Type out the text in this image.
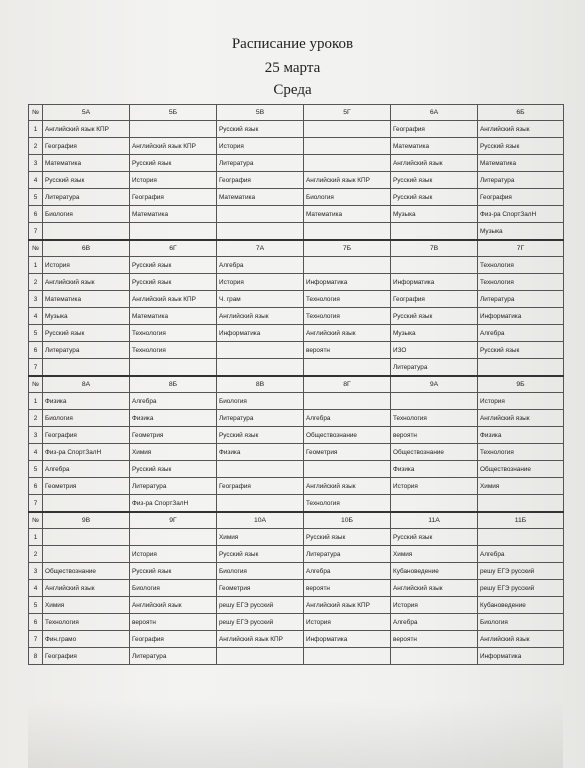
Расписание уроков
25 марта
Среда
№	5А	5Б	5В	5Г	6А	6Б
1	Английский язык КПР		Русский язык		География	Английский язык
2	География	Английский язык КПР	История		Математика	Русский язык
3	Математика	Русский язык	Литература		Английский язык	Математика
4	Русский язык	История	География	Английский язык КПР	Русский язык	Литература
5	Литература	География	Математика	Биология	Русский язык	География
6	Биология	Математика		Математика	Музыка	Физ-ра СпортЗалН
7						Музыка
№	6В	6Г	7А	7Б	7В	7Г
1	История	Русский язык	Алгебра			Технология
2	Английский язык	Русский язык	История	Информатика	Информатика	Технология
3	Математика	Английский язык КПР	Ч. грам	Технология	География	Литература
4	Музыка	Математика	Английский язык	Технология	Русский язык	Информатика
5	Русский язык	Технология	Информатика	Английский язык	Музыка	Алгебра
6	Литература	Технология		вероятн	ИЗО	Русский язык
7					Литература	
№	8А	8Б	8В	8Г	9А	9Б
1	Физика	Алгебра	Биология			История
2	Биология	Физика	Литература	Алгебра	Технология	Английский язык
3	География	Геометрия	Русский язык	Обществознание	вероятн	Физика
4	Физ-ра СпортЗалН	Химия	Физика	Геометрия	Обществознание	Технология
5	Алгебра	Русский язык			Физика	Обществознание
6	Геометрия	Литература	География	Английский язык	История	Химия
7		Физ-ра СпортЗалН		Технология		
№	9В	9Г	10А	10Б	11А	11Б
1			Химия	Русский язык	Русский язык	
2		История	Русский язык	Литература	Химия	Алгебра
3	Обществознание	Русский язык	Биология	Алгебра	Кубановедение	решу ЕГЭ русский
4	Английский язык	Биология	Геометрия	вероятн	Английский язык	решу ЕГЭ русский
5	Химия	Английский язык	решу ЕГЭ русский	Английский язык КПР	История	Кубановедение
6	Технология	вероятн	решу ЕГЭ русский	История	Алгебра	Биология
7	Фин.грамо	География	Английский язык КПР	Информатика	вероятн	Английский язык
8	География	Литература				Информатика
